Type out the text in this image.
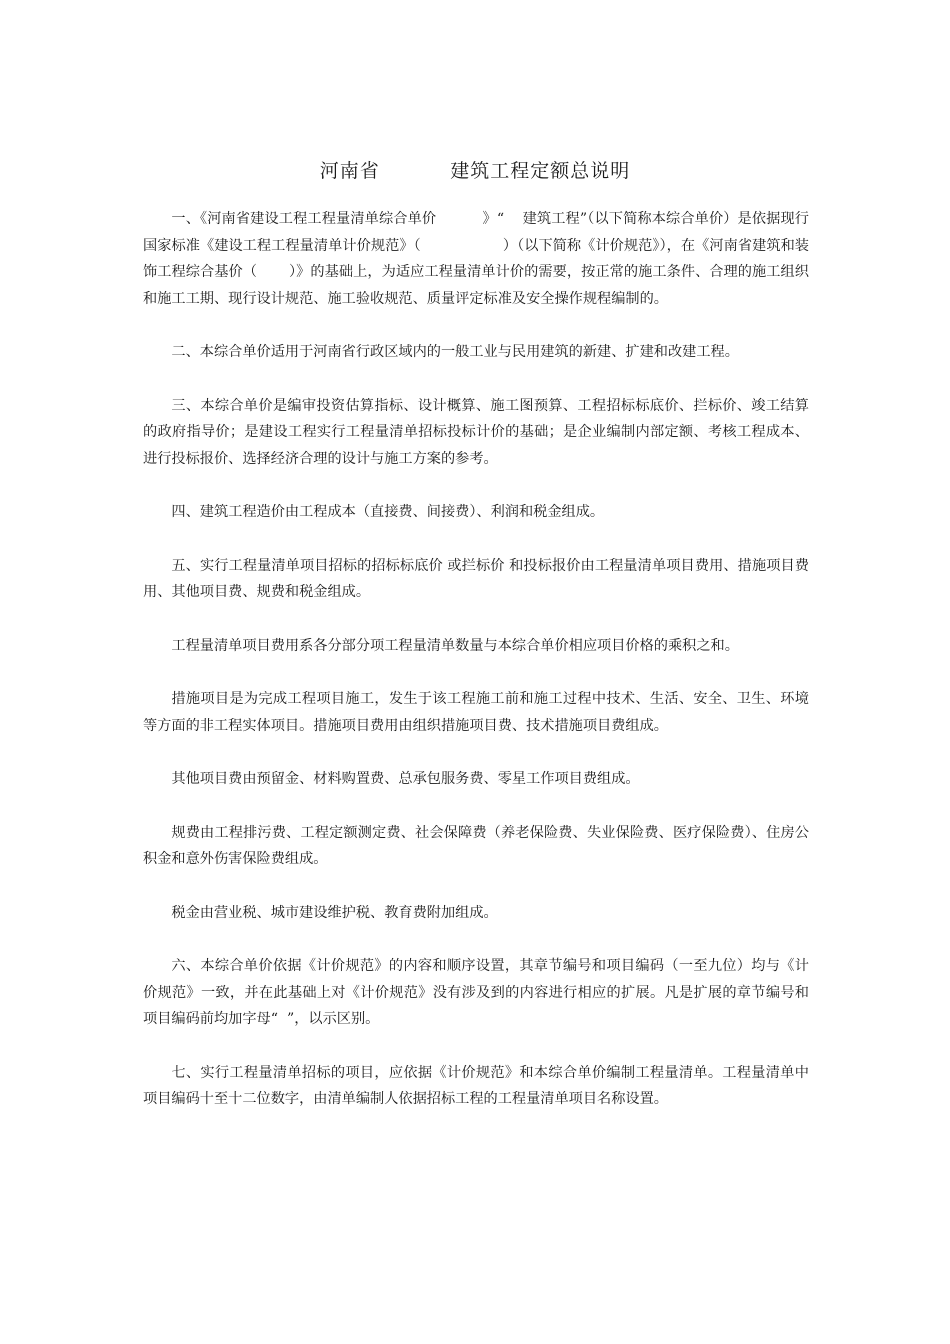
河南省          建筑工程定额总说明

一、《河南省建设工程工程量清单综合单价          》“    建筑工程”（以下简称本综合单价）是依据现行国家标准《建设工程工程量清单计价规范》（                  ）（以下简称《计价规范》），在《河南省建筑和装饰工程综合基价（       ）》的基础上，为适应工程量清单计价的需要，按正常的施工条件、合理的施工组织和施工工期、现行设计规范、施工验收规范、质量评定标准及安全操作规程编制的。

二、本综合单价适用于河南省行政区域内的一般工业与民用建筑的新建、扩建和改建工程。

三、本综合单价是编审投资估算指标、设计概算、施工图预算、工程招标标底价、拦标价、竣工结算的政府指导价；是建设工程实行工程量清单招标投标计价的基础；是企业编制内部定额、考核工程成本、进行投标报价、选择经济合理的设计与施工方案的参考。

四、建筑工程造价由工程成本（直接费、间接费）、利润和税金组成。

五、实行工程量清单项目招标的招标标底价 或拦标价 和投标报价由工程量清单项目费用、措施项目费用、其他项目费、规费和税金组成。

工程量清单项目费用系各分部分项工程量清单数量与本综合单价相应项目价格的乘积之和。

措施项目是为完成工程项目施工，发生于该工程施工前和施工过程中技术、生活、安全、卫生、环境等方面的非工程实体项目。措施项目费用由组织措施项目费、技术措施项目费组成。

其他项目费由预留金、材料购置费、总承包服务费、零星工作项目费组成。

规费由工程排污费、工程定额测定费、社会保障费（养老保险费、失业保险费、医疗保险费）、住房公积金和意外伤害保险费组成。

税金由营业税、城市建设维护税、教育费附加组成。

六、本综合单价依据《计价规范》的内容和顺序设置，其章节编号和项目编码（一至九位）均与《计价规范》一致，并在此基础上对《计价规范》没有涉及到的内容进行相应的扩展。凡是扩展的章节编号和项目编码前均加字母“  ”，以示区别。

七、实行工程量清单招标的项目，应依据《计价规范》和本综合单价编制工程量清单。工程量清单中项目编码十至十二位数字，由清单编制人依据招标工程的工程量清单项目名称设置。
